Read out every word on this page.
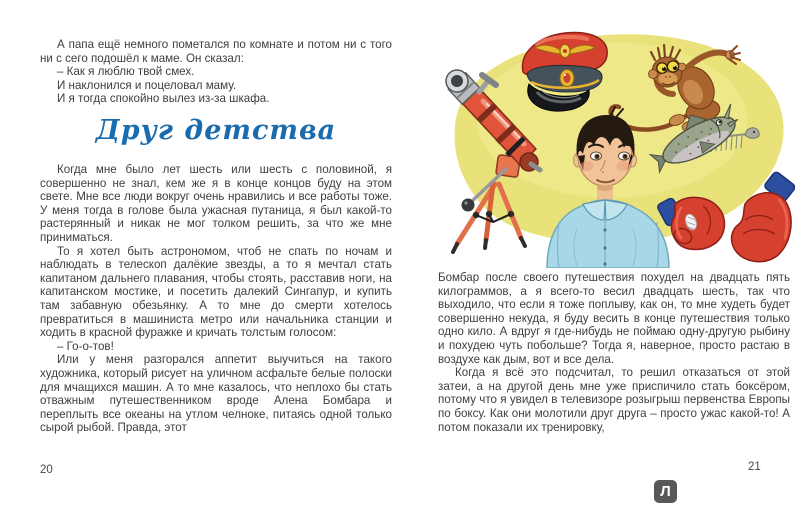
А папа ещё немного пометался по комнате и потом ни с того ни с сего подошёл к маме. Он сказал:

– Как я люблю твой смех.

И наклонился и поцеловал маму.

И я тогда спокойно вылез из-за шкафа.

Друг детства

Когда мне было лет шесть или шесть с половиной, я совершенно не знал, кем же я в конце концов буду на этом свете. Мне все люди вокруг очень нравились и все работы тоже. У меня тогда в голове была ужасная путаница, я был какой-то растерянный и никак не мог толком решить, за что же мне приниматься.

То я хотел быть астрономом, чтоб не спать по ночам и наблюдать в телескоп далёкие звезды, а то я мечтал стать капитаном дальнего плавания, чтобы стоять, расставив ноги, на капитанском мостике, и посетить далекий Сингапур, и купить там забавную обезьянку. А то мне до смерти хотелось превратиться в машиниста метро или начальника станции и ходить в красной фуражке и кричать толстым голосом:

– Го-о-тов!

Или у меня разгорался аппетит выучиться на такого художника, который рисует на уличном асфальте белые полоски для мчащихся машин. А то мне казалось, что неплохо бы стать отважным путешественником вроде Алена Бомбара и переплыть все океаны на утлом челноке, питаясь одной только сырой рыбой. Правда, этот

20

Бомбар после своего путешествия похудел на двадцать пять килограммов, а я всего-то весил двадцать шесть, так что выходило, что если я тоже поплыву, как он, то мне худеть будет совершенно некуда, я буду весить в конце путешествия только одно кило. А вдруг я где-нибудь не поймаю одну-другую рыбину и похудею чуть побольше? Тогда я, наверное, просто растаю в воздухе как дым, вот и все дела.

Когда я всё это подсчитал, то решил отказаться от этой затеи, а на другой день мне уже приспичило стать боксёром, потому что я увидел в телевизоре розыгрыш первенства Европы по боксу. Как они молотили друг друга – просто ужас какой-то! А потом показали их тренировку,

21
Л
